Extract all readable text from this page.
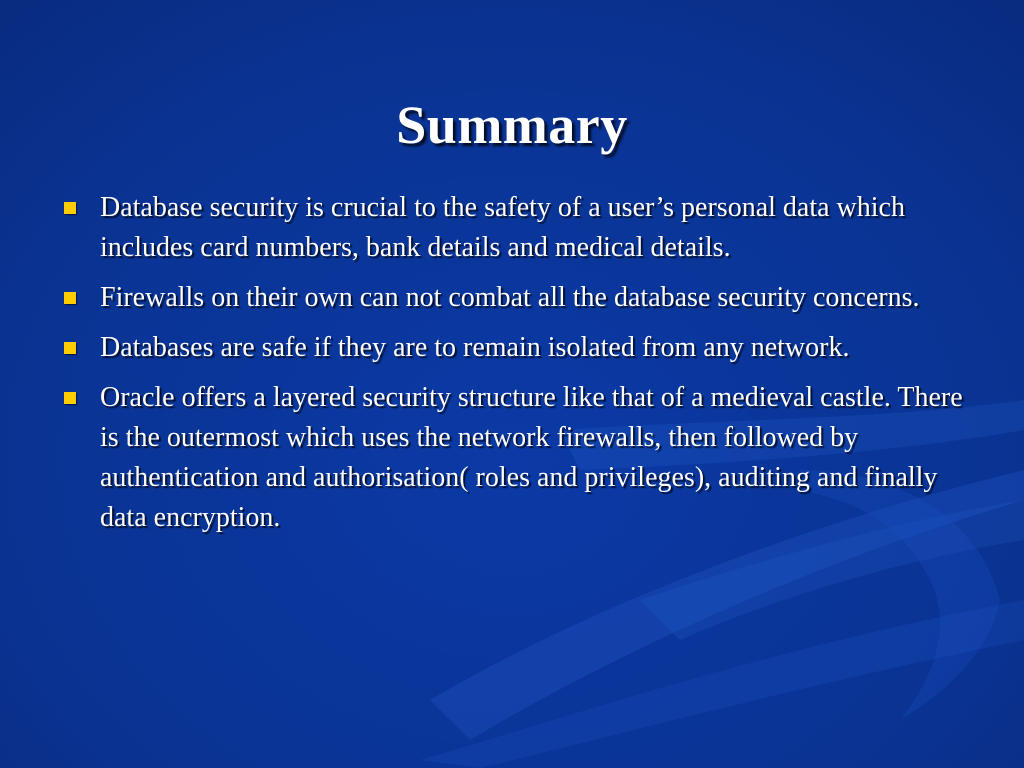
Summary
Database security is crucial to the safety of a user’s personal data which includes card numbers, bank details and medical details.
Firewalls on their own can not combat all the database security concerns.
Databases are safe if they are to remain isolated from any network.
Oracle offers a layered security structure like that of a medieval castle. There is the outermost which uses the network firewalls, then followed by authentication and authorisation( roles and privileges), auditing and finally data encryption.
